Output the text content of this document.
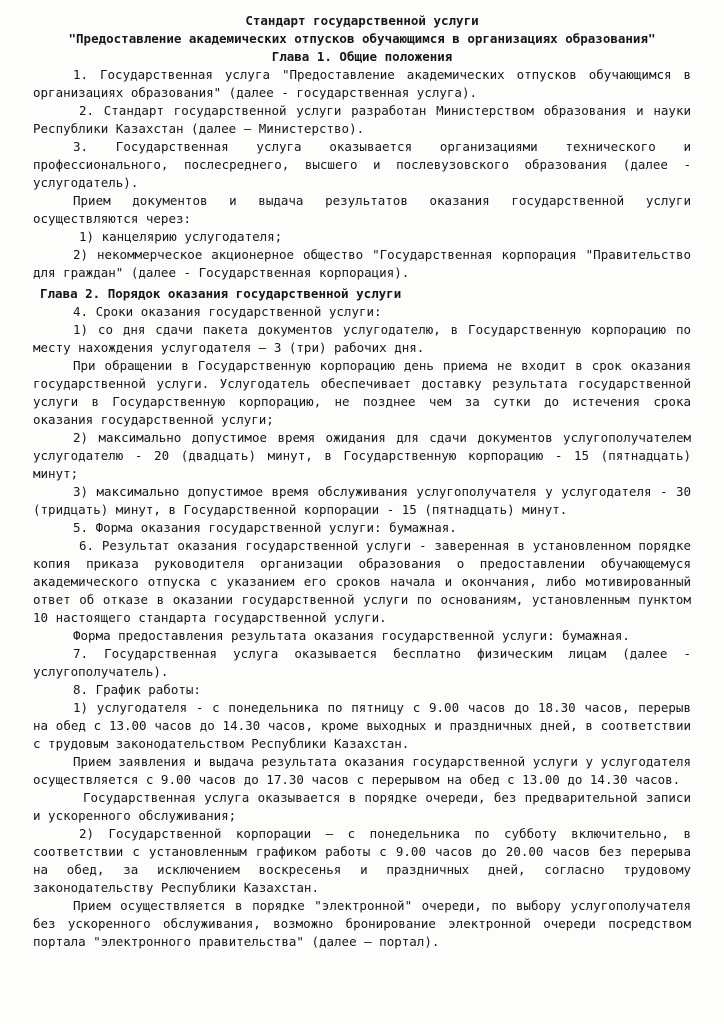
Стандарт государственной услуги

"Предоставление академических отпусков обучающимся в организациях образования"

Глава 1. Общие положения

1. Государственная услуга "Предоставление академических отпусков обучающимся в организациях образования" (далее - государственная услуга).

2. Стандарт государственной услуги разработан Министерством образования и науки Республики Казахстан (далее – Министерство).

3. Государственная услуга оказывается организациями технического и профессионального, послесреднего, высшего и послевузовского образования (далее - услугодатель).

Прием документов и выдача результатов оказания государственной услуги осуществляются через:

1) канцелярию услугодателя;

2) некоммерческое акционерное общество "Государственная корпорация "Правительство для граждан" (далее - Государственная корпорация).

Глава 2. Порядок оказания государственной услуги

4. Сроки оказания государственной услуги:

1) со дня сдачи пакета документов услугодателю, в Государственную корпорацию по месту нахождения услугодателя – 3 (три) рабочих дня.

При обращении в Государственную корпорацию день приема не входит в срок оказания государственной услуги. Услугодатель обеспечивает доставку результата государственной услуги в Государственную корпорацию, не позднее чем за сутки до истечения срока оказания государственной услуги;

2) максимально допустимое время ожидания для сдачи документов услугополучателем услугодателю - 20 (двадцать) минут, в Государственную корпорацию - 15 (пятнадцать) минут;

3) максимально допустимое время обслуживания услугополучателя у услугодателя - 30 (тридцать) минут, в Государственной корпорации - 15 (пятнадцать) минут.

5. Форма оказания государственной услуги: бумажная.

6. Результат оказания государственной услуги - заверенная в установленном порядке копия приказа руководителя организации образования о предоставлении обучающемуся академического отпуска с указанием его сроков начала и окончания, либо мотивированный ответ об отказе в оказании государственной услуги по основаниям, установленным пунктом 10 настоящего стандарта государственной услуги.

Форма предоставления результата оказания государственной услуги: бумажная.

7. Государственная услуга оказывается бесплатно физическим лицам (далее - услугополучатель).

8. График работы:

1) услугодателя - с понедельника по пятницу с 9.00 часов до 18.30 часов, перерыв на обед с 13.00 часов до 14.30 часов, кроме выходных и праздничных дней, в соответствии с трудовым законодательством Республики Казахстан.

Прием заявления и выдача результата оказания государственной услуги у услугодателя осуществляется с 9.00 часов до 17.30 часов с перерывом на обед с 13.00 до 14.30 часов.

Государственная услуга оказывается в порядке очереди, без предварительной записи и ускоренного обслуживания;

2) Государственной корпорации – с понедельника по субботу включительно, в соответствии с установленным графиком работы с 9.00 часов до 20.00 часов без перерыва на обед, за исключением воскресенья и праздничных дней, согласно трудовому законодательству Республики Казахстан.

Прием осуществляется в порядке "электронной" очереди, по выбору услугополучателя без ускоренного обслуживания, возможно бронирование электронной очереди посредством портала "электронного правительства" (далее – портал).
